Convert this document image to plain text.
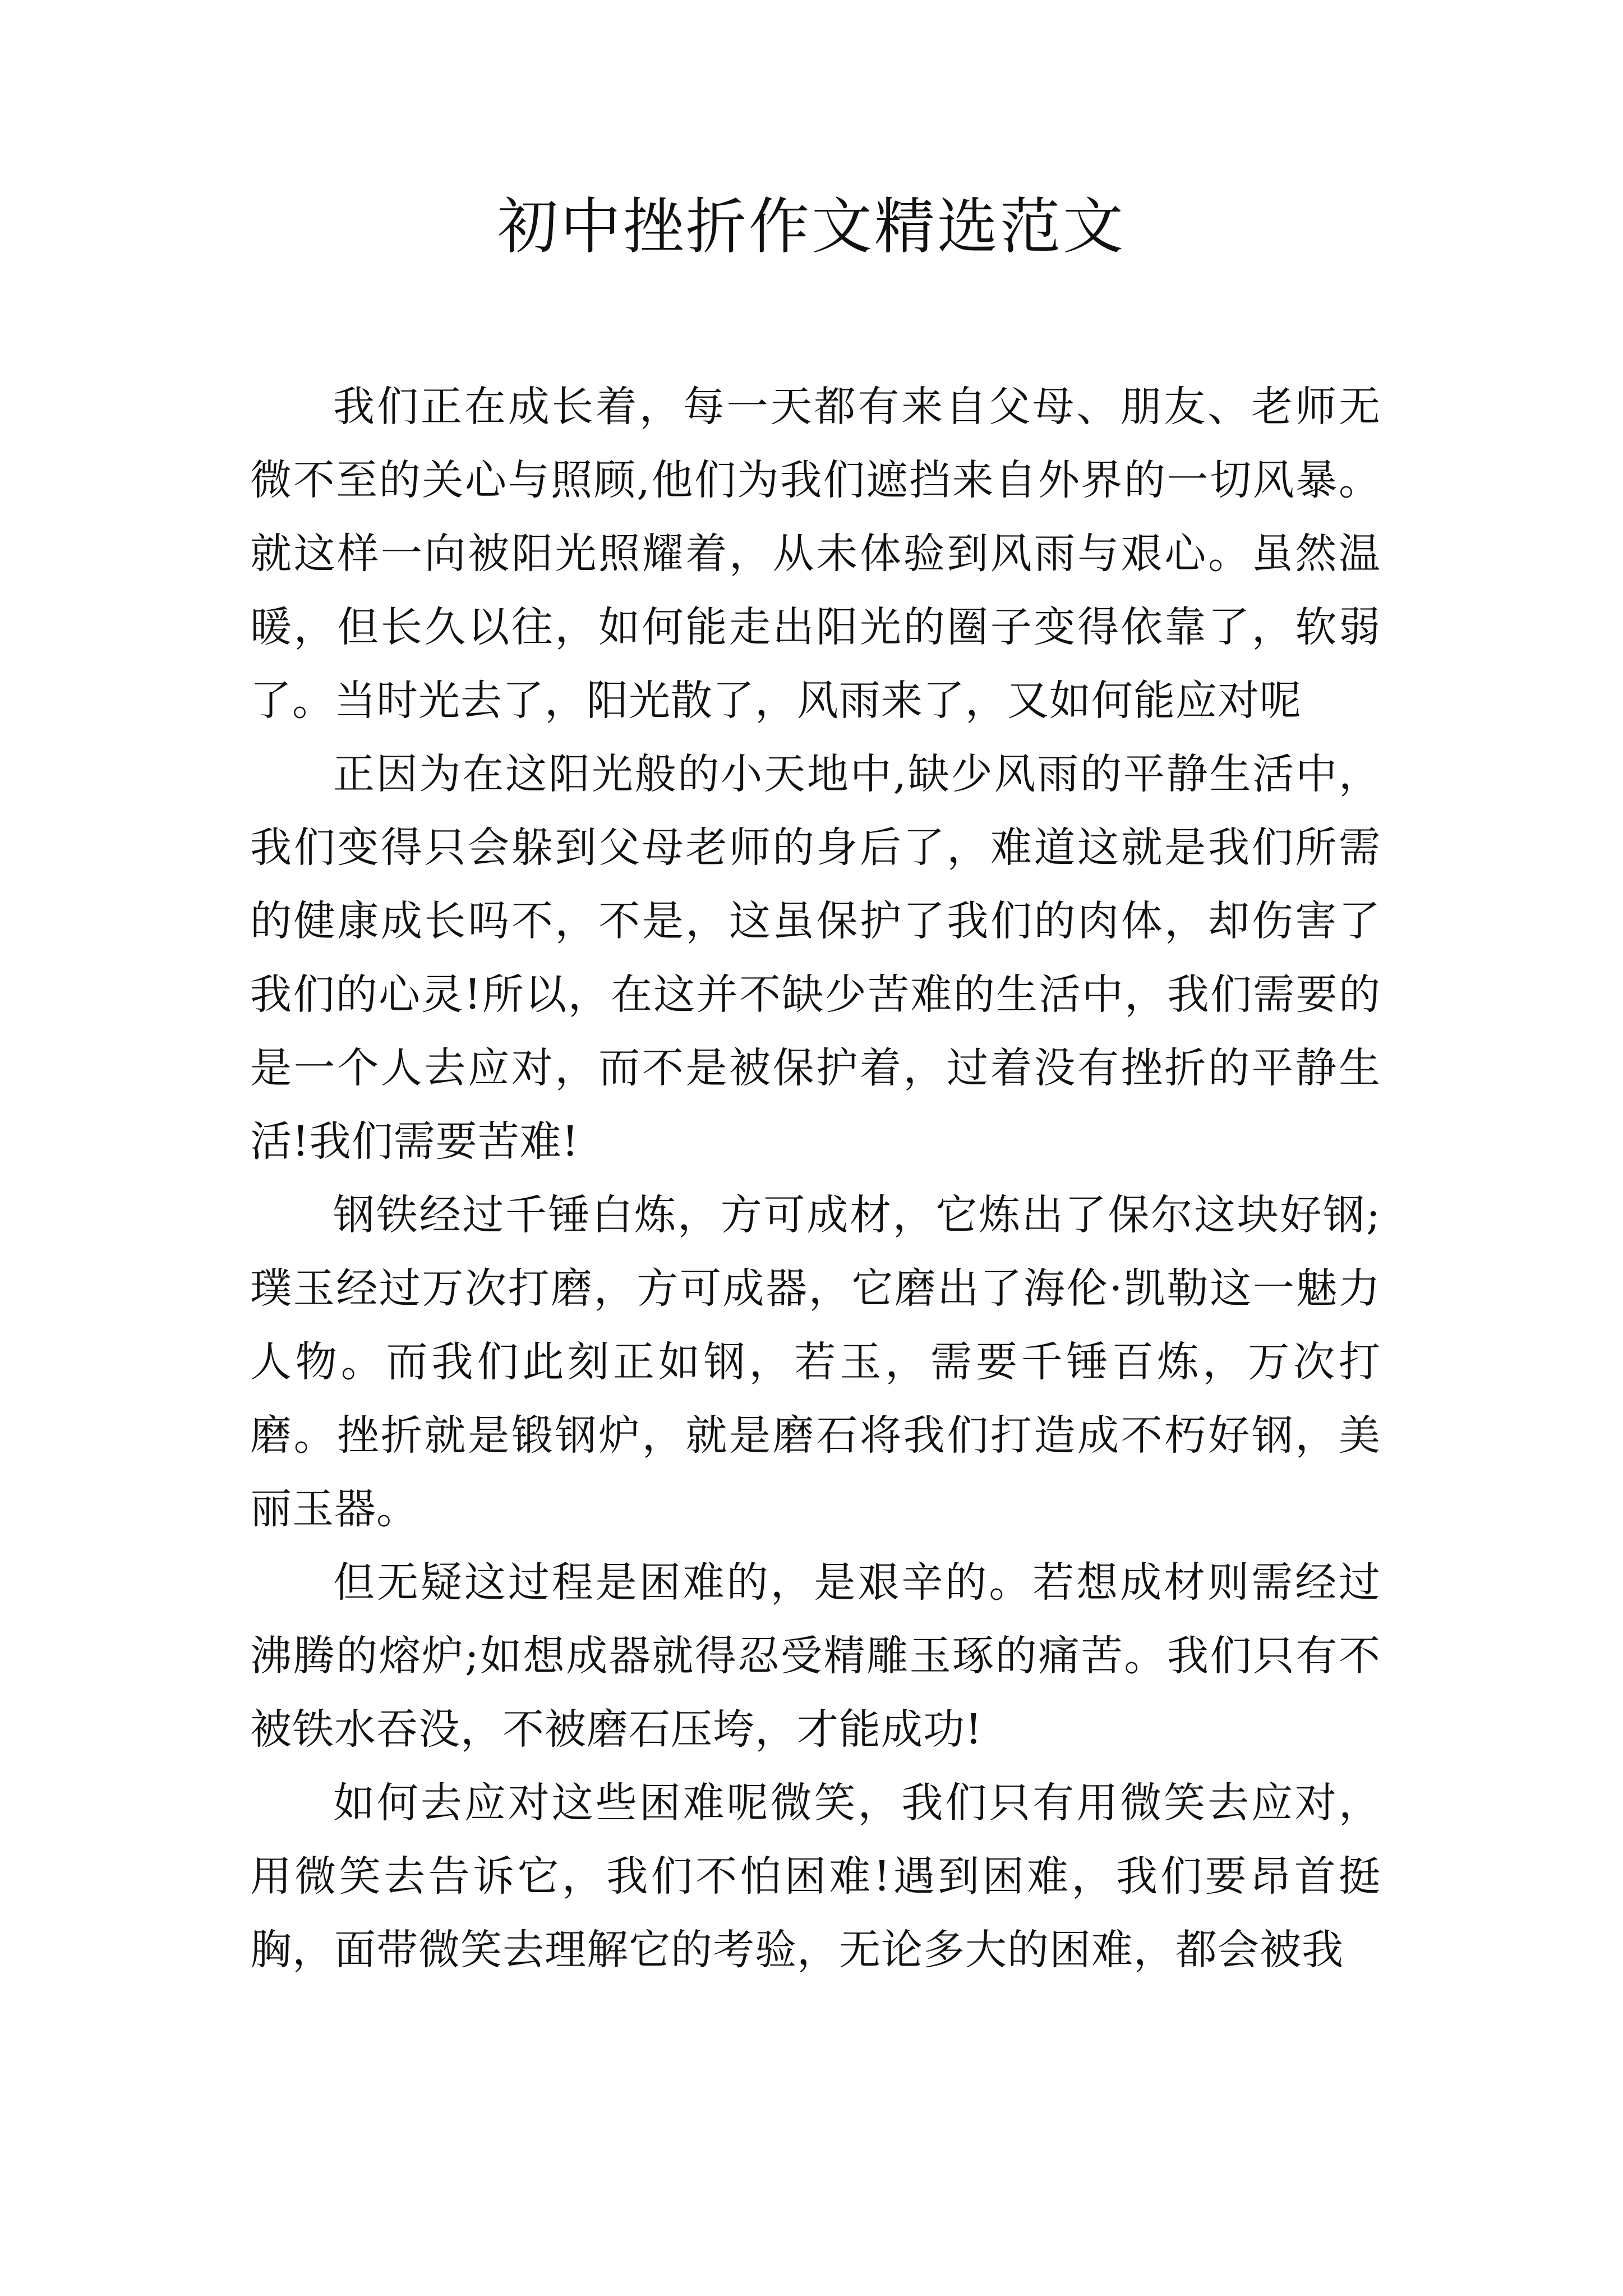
初中挫折作文精选范文

我们正在成长着，每一天都有来自父母、朋友、老师无微不至的关心与照顾,他们为我们遮挡来自外界的一切风暴。就这样一向被阳光照耀着，从未体验到风雨与艰心。虽然温暖，但长久以往，如何能走出阳光的圈子变得依靠了，软弱了。当时光去了，阳光散了，风雨来了，又如何能应对呢

正因为在这阳光般的小天地中,缺少风雨的平静生活中，我们变得只会躲到父母老师的身后了，难道这就是我们所需的健康成长吗不，不是，这虽保护了我们的肉体，却伤害了我们的心灵!所以，在这并不缺少苦难的生活中，我们需要的是一个人去应对，而不是被保护着，过着没有挫折的平静生活!我们需要苦难!

钢铁经过千锤白炼，方可成材，它炼出了保尔这块好钢;璞玉经过万次打磨，方可成器，它磨出了海伦·凯勒这一魅力人物。而我们此刻正如钢，若玉，需要千锤百炼，万次打磨。挫折就是锻钢炉，就是磨石将我们打造成不朽好钢，美丽玉器。

但无疑这过程是困难的，是艰辛的。若想成材则需经过沸腾的熔炉;如想成器就得忍受精雕玉琢的痛苦。我们只有不被铁水吞没，不被磨石压垮，才能成功!

如何去应对这些困难呢微笑，我们只有用微笑去应对，用微笑去告诉它，我们不怕困难!遇到困难，我们要昂首挺胸，面带微笑去理解它的考验，无论多大的困难，都会被我
